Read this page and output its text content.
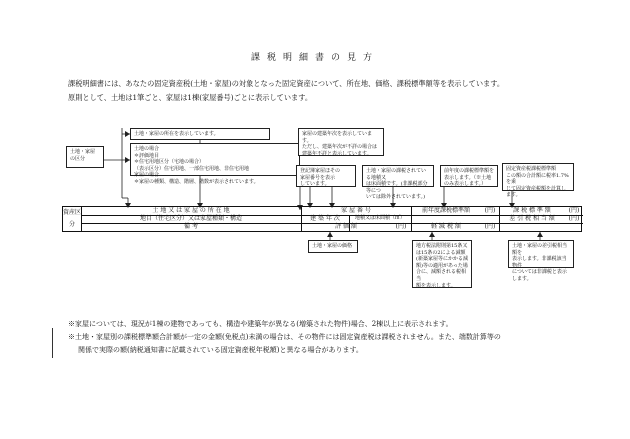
課税明細書の見方
課税明細書には、あなたの固定資産税(土地・家屋)の対象となった固定資産について、所在地、価格、課税標準額等を表示しています。
原則として、土地は1筆ごと、家屋は1棟(家屋番号)ごとに表示しています。
土地・家屋
の区分
土地・家屋の所在を表示しています。
土地の場合
＊評価地目
＊住宅用地区分（宅地の場合）
（表示区分）住宅用地、一部住宅用地、非住宅用地
家屋の場合
＊家屋の種類、構造、階層、階数が表示されています。
家屋の建築年次を表示しています。
ただし、建築年次が不詳の場合は
建築年不詳と表示しています。
登記簿家屋ほその
家屋番号を表示
しています。
土地・家屋の課税されている地積又
は床面積です。(非課税部分等につ
いては除外されています。)
前年度の課税標準額を
表示します。（※土地
のみ表示します。）
固定資産税課税標準額
この額の合計額に税率1.7%を乗
じて固定資産税額を計算します。
資産区分
土 地 又 は 家 屋 の 所 在 地	家 屋 番 号	前年度課税標準額	(円)	課 税 標 準 額	(円)
地目（住宅区分）又は家屋種類・構造	建 築 年 次	地積又は床面積（㎡）	差 引 税 相 当 額	(円)
備 考	評 価 額	(円)	軽 減 税 額	(円)
土地・家屋の価格	地方税法附則第15条又
は15条の2による減額
(新築家屋等にかかる減
額)等の適用があった場
合に、減額される税相当
額を表示します。
土地・家屋の差引税相当額を
表示します。非課税該当物件
については非課税と表示します。
※家屋については、現況が1棟の建物であっても、構造や建築年が異なる(増築された物件)場合、2棟以上に表示されます。
※土地・家屋別の課税標準額合計額が一定の金額(免税点)未満の場合は、その物件には固定資産税は課税されません。また、端数計算等の
関係で実際の額(納税通知書に記載されている固定資産税年税額)と異なる場合があります。
